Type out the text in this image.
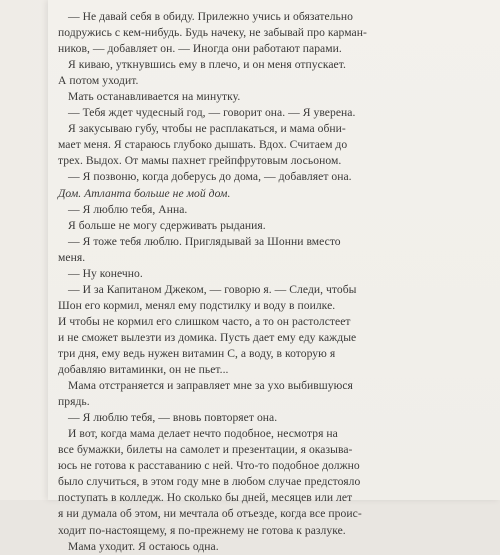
— Не давай себя в обиду. Прилежно учись и обязательно
подружись с кем-нибудь. Будь начеку, не забывай про карман-
ников, — добавляет он. — Иногда они работают парами.
Я киваю, уткнувшись ему в плечо, и он меня отпускает.
А потом уходит.
Мать останавливается на минутку.
— Тебя ждет чудесный год, — говорит она. — Я уверена.
Я закусываю губу, чтобы не расплакаться, и мама обни-
мает меня. Я стараюсь глубоко дышать. Вдох. Считаем до
трех. Выдох. От мамы пахнет грейпфрутовым лосьоном.
— Я позвоню, когда доберусь до дома, — добавляет она.
Дом. Атланта больше не мой дом.
— Я люблю тебя, Анна.
Я больше не могу сдерживать рыдания.
— Я тоже тебя люблю. Приглядывай за Шонни вместо
меня.
— Ну конечно.
— И за Капитаном Джеком, — говорю я. — Следи, чтобы
Шон его кормил, менял ему подстилку и воду в поилке.
И чтобы не кормил его слишком часто, а то он растолстеет
и не сможет вылезти из домика. Пусть дает ему еду каждые
три дня, ему ведь нужен витамин С, а воду, в которую я
добавляю витаминки, он не пьет...
Мама отстраняется и заправляет мне за ухо выбившуюся
прядь.
— Я люблю тебя, — вновь повторяет она.
И вот, когда мама делает нечто подобное, несмотря на
все бумажки, билеты на самолет и презентации, я оказыва-
юсь не готова к расставанию с ней. Что-то подобное должно
было случиться, в этом году мне в любом случае предстояло
поступать в колледж. Но сколько бы дней, месяцев или лет
я ни думала об этом, ни мечтала об отъезде, когда все проис-
ходит по-настоящему, я по-прежнему не готова к разлуке.
Мама уходит. Я остаюсь одна.
